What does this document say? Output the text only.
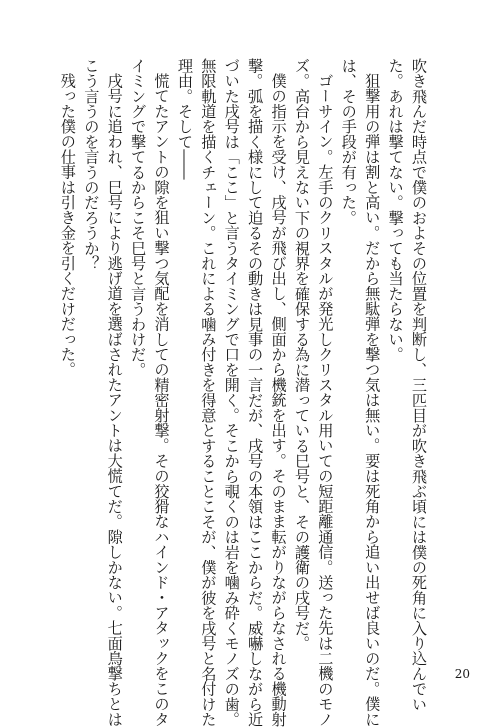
吹き飛んだ時点で僕のおよその位置を判断し、三匹目が吹き飛ぶ頃には僕の死角に入り込んでい
た。あれは撃てない。撃っても当たらない。
狙撃用の弾は割と高い。だから無駄弾を撃つ気は無い。要は死角から追い出せば良いのだ。僕に
は、その手段が有った。
ゴーサイン。左手のクリスタルが発光しクリスタル用いての短距離通信。送った先は二機のモノ
ズ。高台から見えない下の視界を確保する為に潜っている巳号と、その護衛の戌号だ。
僕の指示を受け、戌号が飛び出し、側面から機銃を出す。そのまま転がりながらなされる機動射
撃。弧を描く様にして迫るその動きは見事の一言だが、戌号の本領はここからだ。威嚇しながら近
づいた戌号は「ここ」と言うタイミングで口を開く。そこから覗くのは岩を噛み砕くモノズの歯。
無限軌道を描くチェーン。これによる噛み付きを得意とすることこそが、僕が彼を戌号と名付けた
理由。そして――
慌てたアントの隙を狙い撃つ気配を消しての精密射撃。その狡猾なハインド・アタックをこのタ
イミングで撃てるからこそ巳号と言うわけだ。
戌号に追われ、巳号により逃げ道を選ばされたアントは大慌てだ。隙しかない。七面鳥撃ちとは
こう言うのを言うのだろうか？
残った僕の仕事は引き金を引くだけだった。
20
